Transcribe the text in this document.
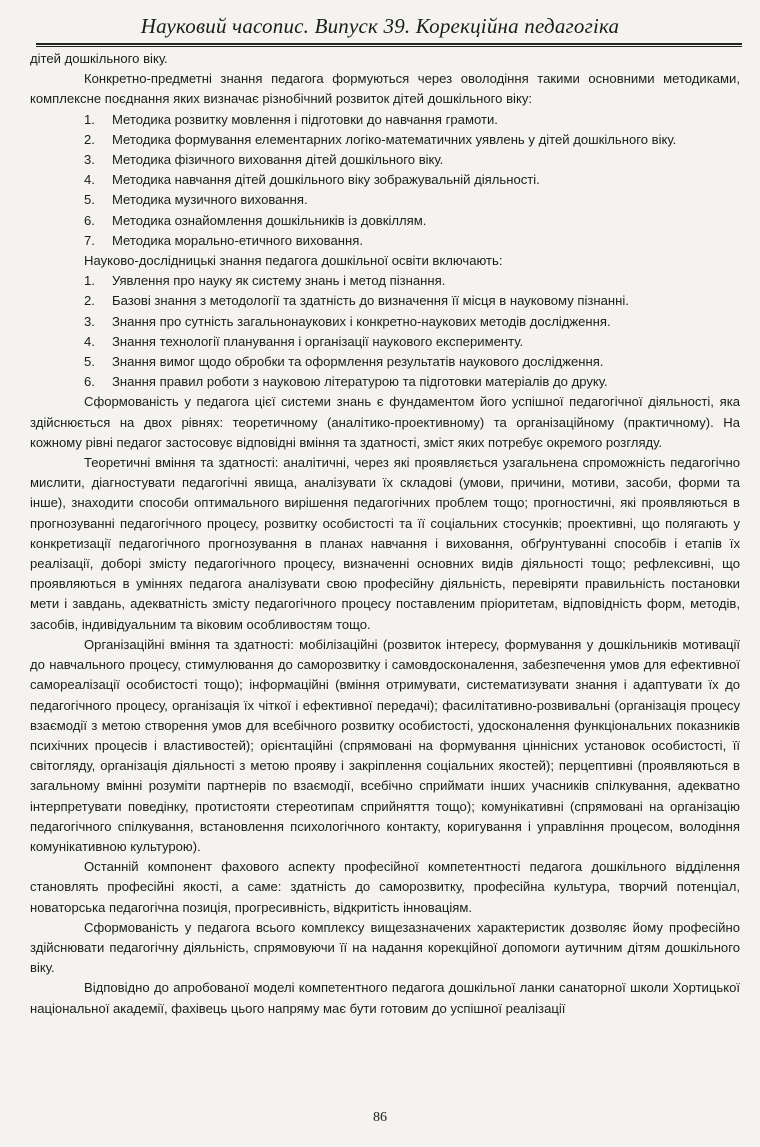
Науковий часопис. Випуск 39. Корекційна педагогіка

дітей дошкільного віку.

Конкретно-предметні знання педагога формуються через оволодіння такими основними методиками, комплексне поєднання яких визначає різнобічний розвиток дітей дошкільного віку:

1.	Методика розвитку мовлення і підготовки до навчання грамоти.
2. Методика формування елементарних логіко-математичних уявлень у дітей дошкільного віку.
3.	Методика фізичного виховання дітей дошкільного віку.
4.	Методика навчання дітей дошкільного віку зображувальній діяльності.
5.	Методика музичного виховання.
6.	Методика ознайомлення дошкільників із довкіллям.
7.	Методика морально-етичного виховання.

Науково-дослідницькі знання педагога дошкільної освіти включають:

1.	Уявлення про науку як систему знань і метод пізнання.
2.	Базові знання з методології та здатність до визначення її місця в науковому пізнанні.
3.	Знання про сутність загальнонаукових і конкретно-наукових методів дослідження.
4.	Знання технології планування і організації наукового експерименту.
5.	Знання вимог щодо обробки та оформлення результатів наукового дослідження.
6.	Знання правил роботи з науковою літературою та підготовки матеріалів до друку.

Сформованість у педагога цієї системи знань є фундаментом його успішної педагогічної діяльності, яка здійснюється на двох рівнях: теоретичному (аналітико-проективному) та організаційному (практичному). На кожному рівні педагог застосовує відповідні вміння та здатності, зміст яких потребує окремого розгляду.

Теоретичні вміння та здатності: аналітичні, через які проявляється узагальнена спроможність педагогічно мислити, діагностувати педагогічні явища, аналізувати їх складові (умови, причини, мотиви, засоби, форми та інше), знаходити способи оптимального вирішення педагогічних проблем тощо; прогностичні, які проявляються в прогнозуванні педагогічного процесу, розвитку особистості та її соціальних стосунків; проективні, що полягають у конкретизації педагогічного прогнозування в планах навчання і виховання, обґрунтуванні способів і етапів їх реалізації, доборі змісту педагогічного процесу, визначенні основних видів діяльності тощо; рефлексивні, що проявляються в уміннях педагога аналізувати свою професійну діяльність, перевіряти правильність постановки мети і завдань, адекватність змісту педагогічного процесу поставленим пріоритетам, відповідність форм, методів, засобів, індивідуальним та віковим особливостям тощо.

Організаційні вміння та здатності: мобілізаційні (розвиток інтересу, формування у дошкільників мотивації до навчального процесу, стимулювання до саморозвитку і самовдосконалення, забезпечення умов для ефективної самореалізації особистості тощо); інформаційні (вміння отримувати, систематизувати знання і адаптувати їх до педагогічного процесу, організація їх чіткої і ефективної передачі); фасилітативно-розвивальні (організація процесу взаємодії з метою створення умов для всебічного розвитку особистості, удосконалення функціональних показників психічних процесів і властивостей); орієнтаційні (спрямовані на формування ціннісних установок особистості, її світогляду, організація діяльності з метою прояву і закріплення соціальних якостей); перцептивні (проявляються в загальному вмінні розуміти партнерів по взаємодії, всебічно сприймати інших учасників спілкування, адекватно інтерпретувати поведінку, протистояти стереотипам сприйняття тощо); комунікативні (спрямовані на організацію педагогічного спілкування, встановлення психологічного контакту, коригування і управління процесом, володіння комунікативною культурою).

Останній компонент фахового аспекту професійної компетентності педагога дошкільного відділення становлять професійні якості, а саме: здатність до саморозвитку, професійна культура, творчий потенціал, новаторська педагогічна позиція, прогресивність, відкритість інноваціям.

Сформованість у педагога всього комплексу вищезазначених характеристик дозволяє йому професійно здійснювати педагогічну діяльність, спрямовуючи її на надання корекційної допомоги аутичним дітям дошкільного віку.

Відповідно до апробованої моделі компетентного педагога дошкільної ланки санаторної школи Хортицької національної академії, фахівець цього напряму має бути готовим до успішної реалізації

86
